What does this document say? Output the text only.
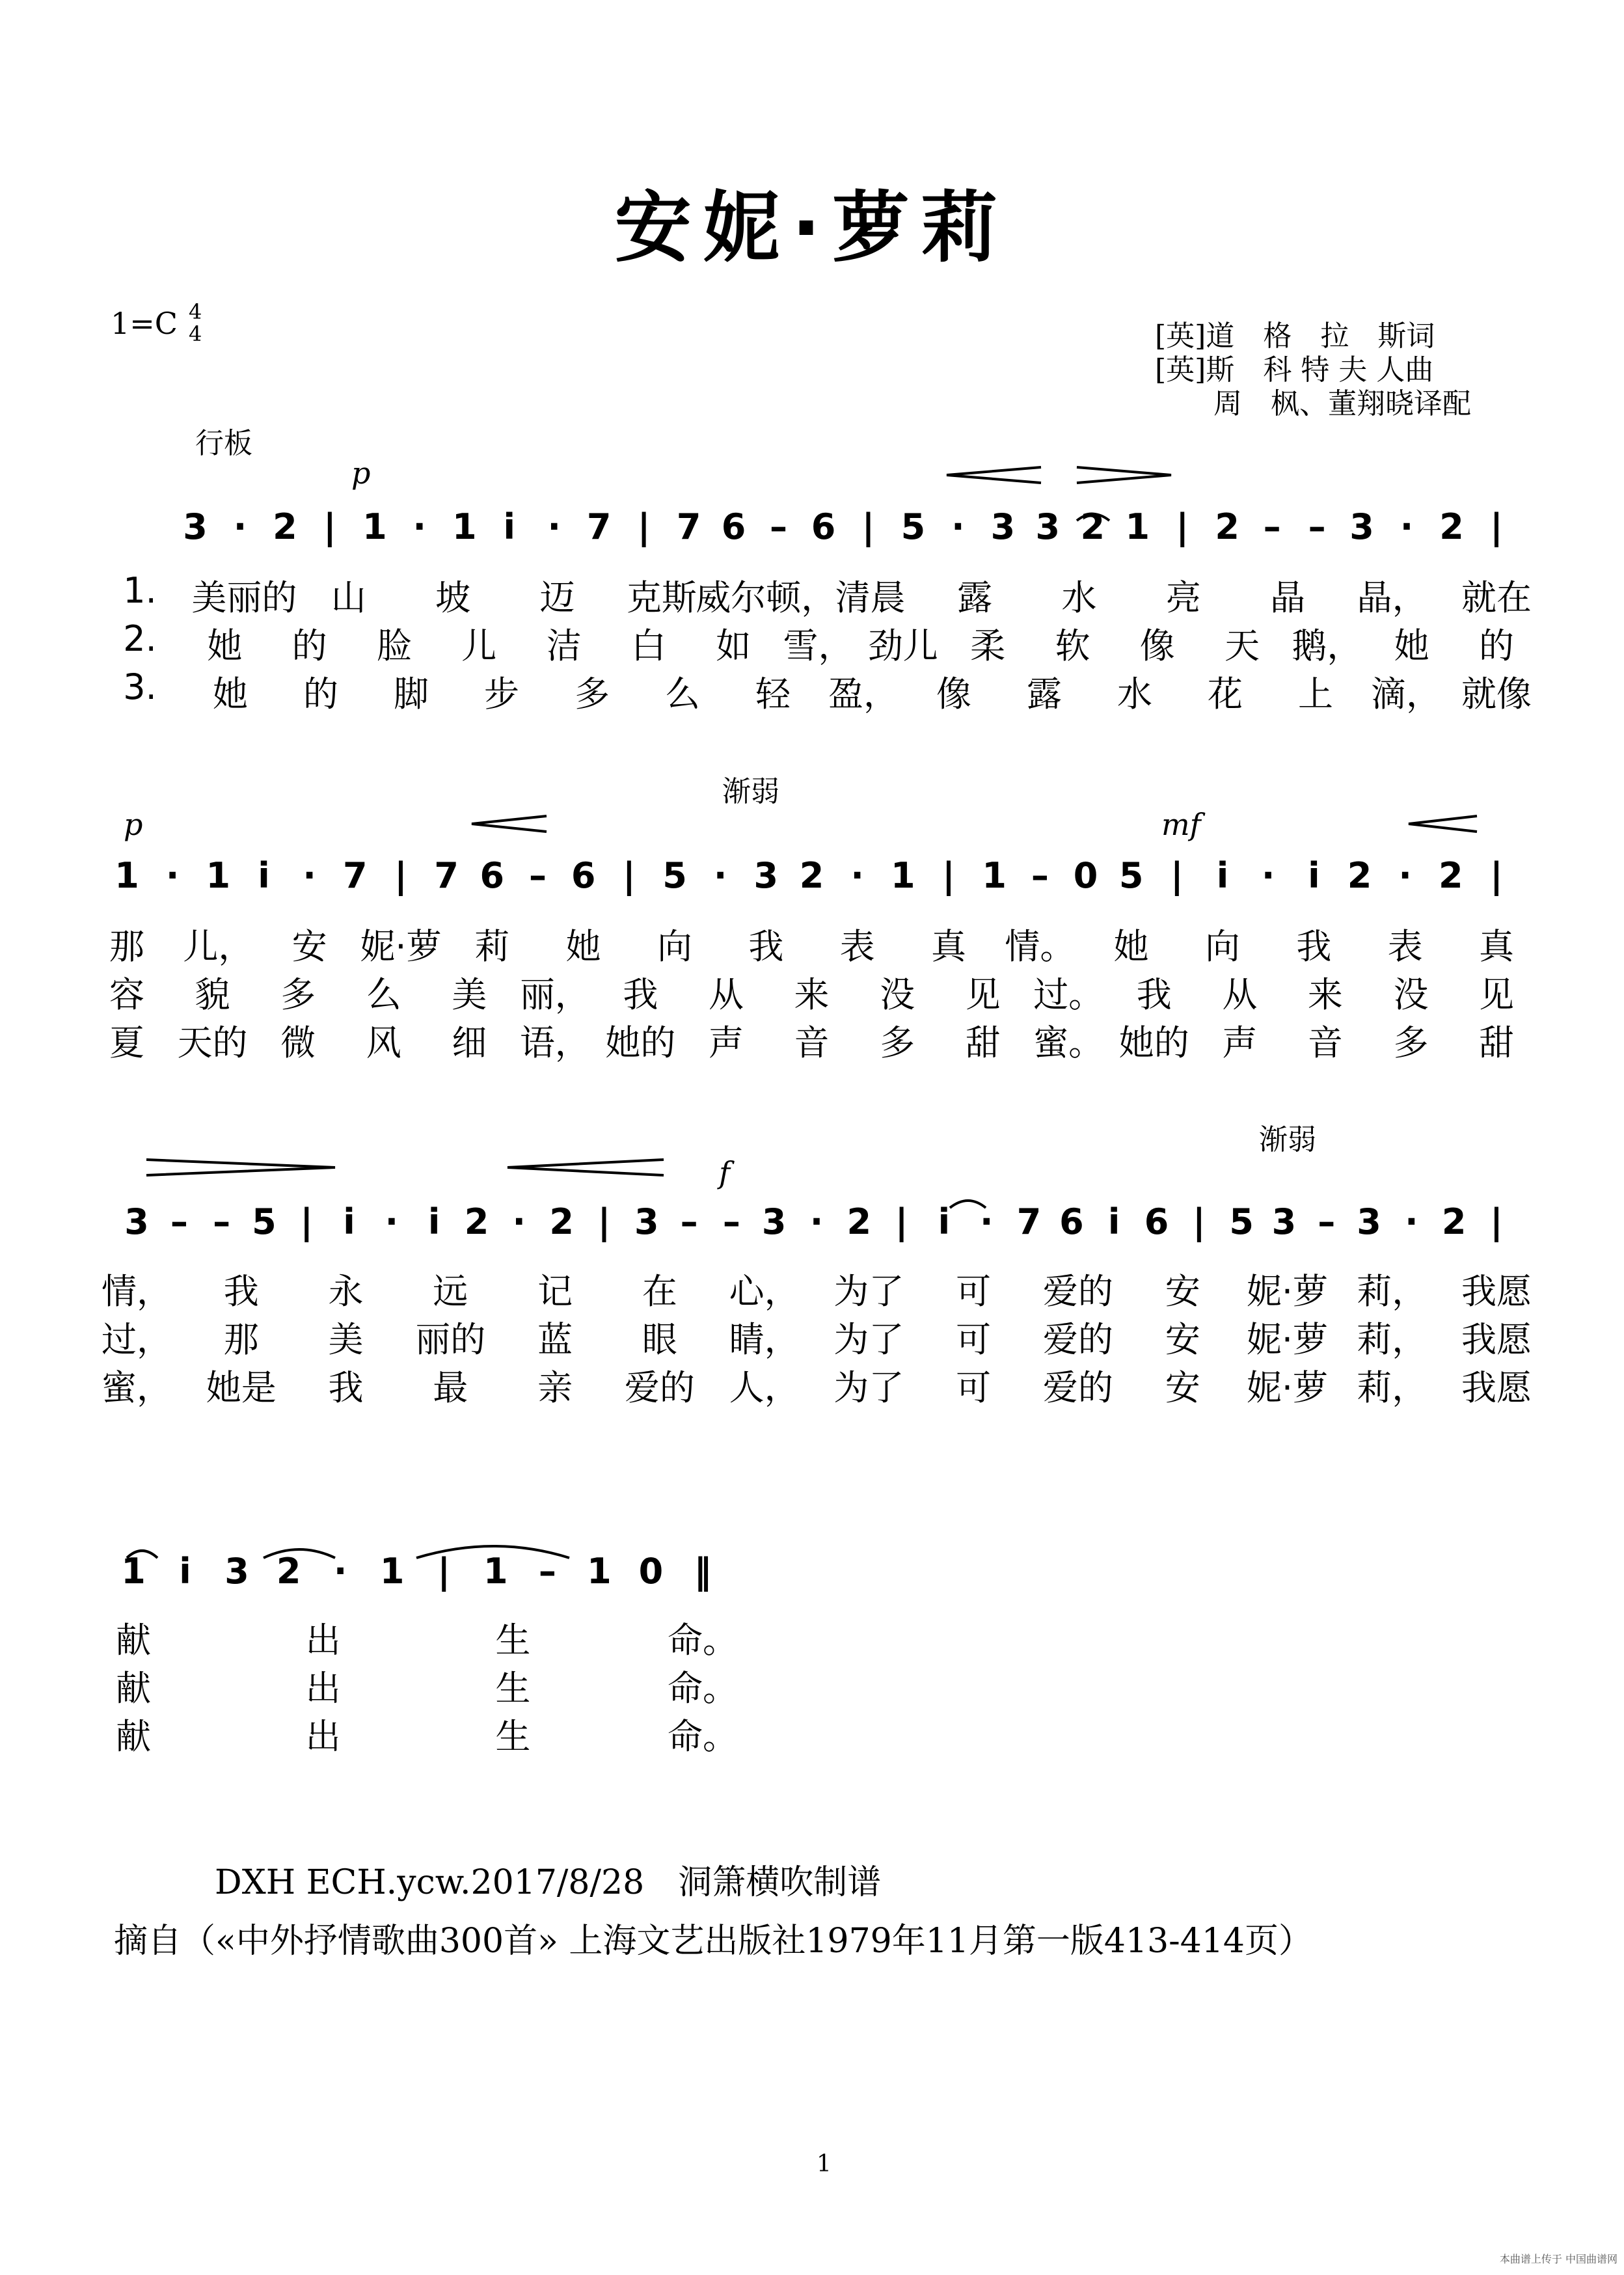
安妮·萝莉
1=C 4
4	[英]道　格　拉　斯词
[英]斯　科 特 夫 人曲
周　枫、董翔晓译配
行板
p
渐弱
p	mf
渐弱
f
3 · 2 | 1 · 1 i · 7 | 7 6 – 6 | 5 · 3 3 2 1 | 2 – – 3 · 2 |
1 · 1 i · 7 | 7 6 – 6 | 5 · 3 2 · 1 | 1 – 0 5 | i · i 2 · 2 |
3 – – 5 | i · i 2 · 2 | 3 – – 3 · 2 | i · 7 6 i 6 | 5 3 – 3 · 2 |
1 i 3 2 · 1 | 1 – 1 0 ‖
1. 美丽的 山 坡 迈 克斯
威尔顿，
清晨 露 水 亮 晶 晶， 就在
2. 她 的 脸 儿 洁 白 如 雪， 劲儿 柔 软 像 天 鹅， 她 的
3. 她 的 脚 步 多 么 轻 盈， 像 露 水 花 上 滴， 就像
那 儿， 安 妮·萝 莉 她 向 我 表 真 情。 她 向 我 表 真
容 貌 多 么 美 丽， 我 从 来 没 见 过。 我 从 来 没 见
夏 天的 微 风 细 语， 她的 声 音 多 甜 蜜。 她的 声 音 多 甜
情， 我 永 远 记 在 心， 为了 可 爱的 安 妮·萝 莉， 我愿
过， 那 美 丽的 蓝 眼 睛， 为了 可 爱的 安 妮·萝 莉， 我愿
蜜， 她是 我 最 亲 爱的 人， 为了 可 爱的 安 妮·萝 莉， 我愿
献	出	生	命。
献	出	生	命。
献	出	生	命。
DXH ECH.ycw.2017/8/28　洞箫横吹制谱
摘自（«中外抒情歌曲300首» 上海文艺出版社1979年11月第一版413-414页）
1
本曲谱上传于 中国曲谱网
